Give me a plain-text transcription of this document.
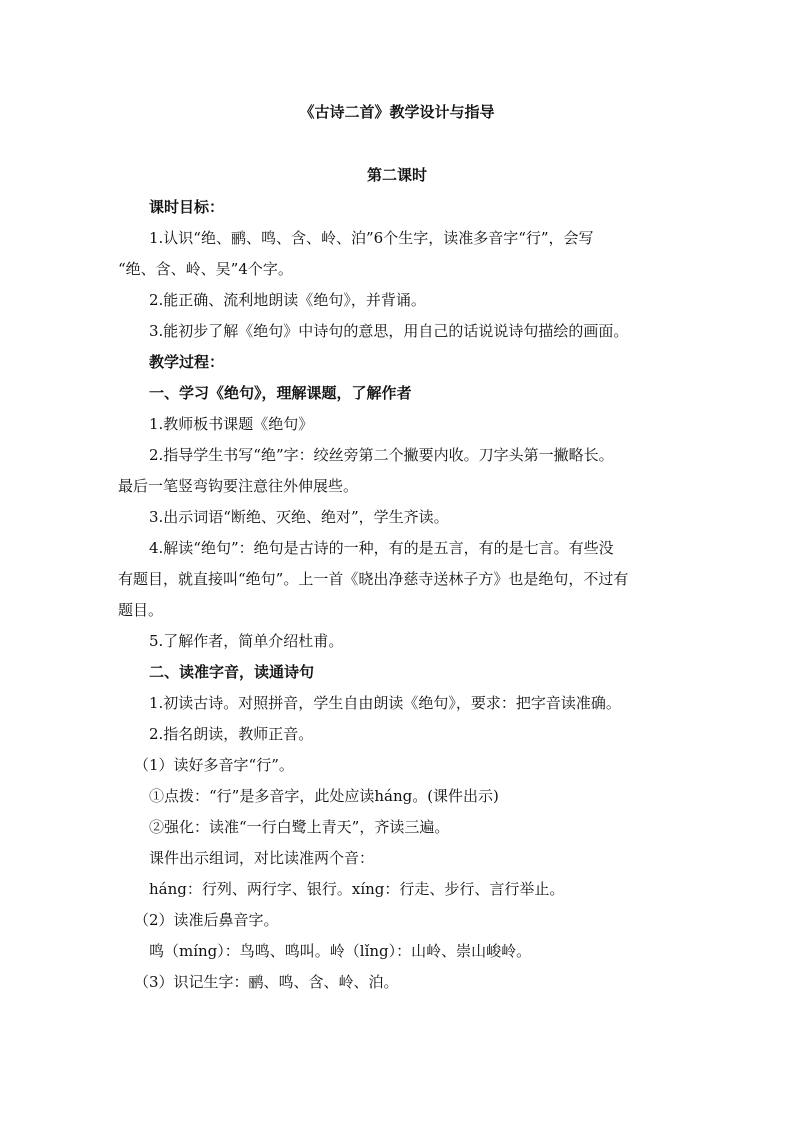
《古诗二首》教学设计与指导
第二课时
课时目标：
1.认识“绝、鹂、鸣、含、岭、泊”6个生字，读准多音字“行”，会写
“绝、含、岭、吴”4个字。
2.能正确、流利地朗读《绝句》，并背诵。
3.能初步了解《绝句》中诗句的意思，用自己的话说说诗句描绘的画面。
教学过程：
一、学习《绝句》，理解课题，了解作者
1.教师板书课题《绝句》
2.指导学生书写“绝”字：绞丝旁第二个撇要内收。刀字头第一撇略长。
最后一笔竖弯钩要注意往外伸展些。
3.出示词语“断绝、灭绝、绝对”，学生齐读。
4.解读“绝句”：绝句是古诗的一种，有的是五言，有的是七言。有些没
有题目，就直接叫“绝句”。上一首《晓出净慈寺送林子方》也是绝句，不过有
题目。
5.了解作者，简单介绍杜甫。
二、读准字音，读通诗句
1.初读古诗。对照拼音，学生自由朗读《绝句》，要求：把字音读准确。
2.指名朗读，教师正音。
（1）读好多音字“行”。
①点拨：“行”是多音字，此处应读háng。(课件出示)
②强化：读准“一行白鹭上青天”，齐读三遍。
课件出示组词，对比读准两个音：
háng：行列、两行字、银行。xíng：行走、步行、言行举止。
（2）读准后鼻音字。
鸣（míng）：鸟鸣、鸣叫。岭（lǐng）：山岭、崇山峻岭。
（3）识记生字：鹂、鸣、含、岭、泊。
